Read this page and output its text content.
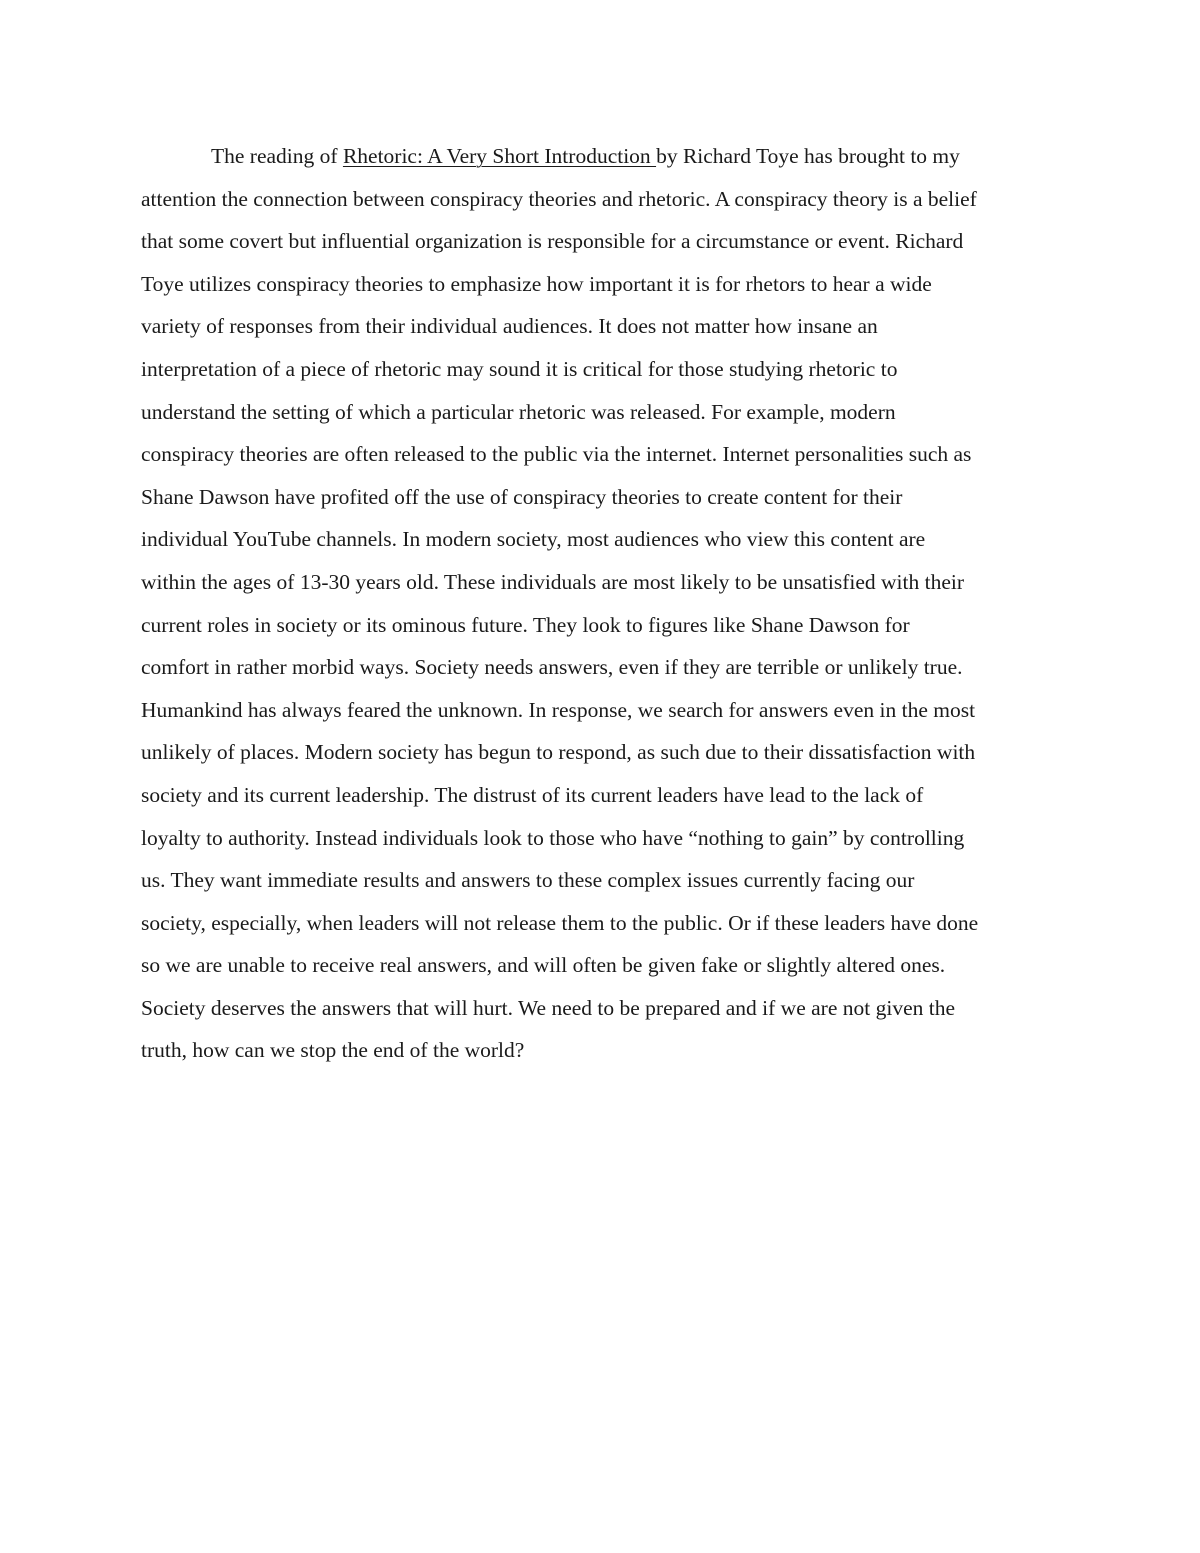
The reading of Rhetoric: A Very Short Introduction by Richard Toye has brought to my
attention the connection between conspiracy theories and rhetoric. A conspiracy theory is a belief
that some covert but influential organization is responsible for a circumstance or event. Richard
Toye utilizes conspiracy theories to emphasize how important it is for rhetors to hear a wide
variety of responses from their individual audiences. It does not matter how insane an
interpretation of a piece of rhetoric may sound it is critical for those studying rhetoric to
understand the setting of which a particular rhetoric was released. For example, modern
conspiracy theories are often released to the public via the internet. Internet personalities such as
Shane Dawson have profited off the use of conspiracy theories to create content for their
individual YouTube channels. In modern society, most audiences who view this content are
within the ages of 13-30 years old. These individuals are most likely to be unsatisfied with their
current roles in society or its ominous future. They look to figures like Shane Dawson for
comfort in rather morbid ways. Society needs answers, even if they are terrible or unlikely true.
Humankind has always feared the unknown. In response, we search for answers even in the most
unlikely of places. Modern society has begun to respond, as such due to their dissatisfaction with
society and its current leadership. The distrust of its current leaders have lead to the lack of
loyalty to authority. Instead individuals look to those who have “nothing to gain” by controlling
us. They want immediate results and answers to these complex issues currently facing our
society, especially, when leaders will not release them to the public. Or if these leaders have done
so we are unable to receive real answers, and will often be given fake or slightly altered ones.
Society deserves the answers that will hurt. We need to be prepared and if we are not given the
truth, how can we stop the end of the world?
